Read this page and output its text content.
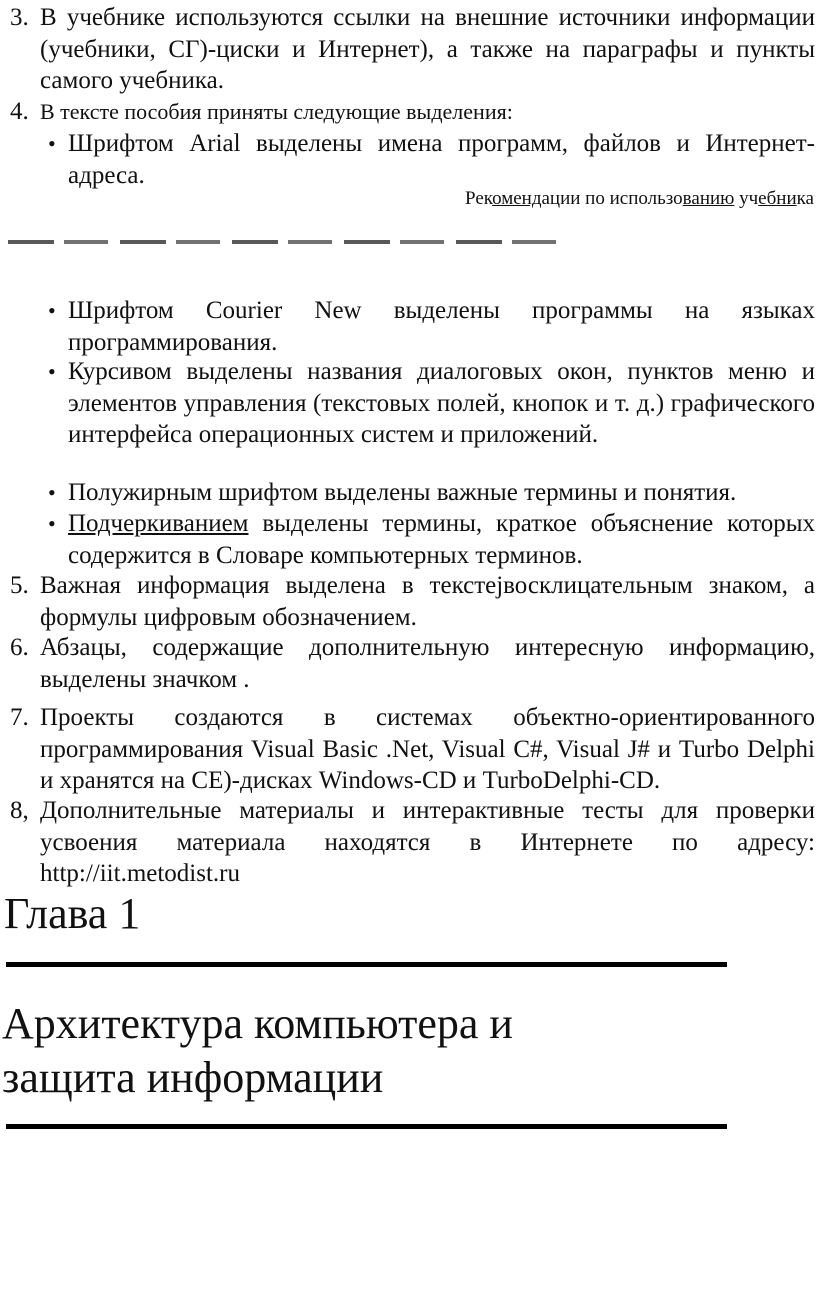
3. В учебнике используются ссылки на внешние источники информации (учебники, СГ)-циски и Интернет), а также на параграфы и пункты самого учебника.
4. В тексте пособия приняты следующие выделения:
• Шрифтом Arial выделены имена программ, файлов и Интернет-адреса.
Рекомендации по использованию учебника
• Шрифтом Courier New выделены программы на языках программирования.
• Курсивом выделены названия диалоговых окон, пунктов меню и элементов управления (текстовых полей, кнопок и т. д.) графического интерфейса операционных систем и приложений.
• Полужирным шрифтом выделены важные термины и понятия.
• Подчеркиванием выделены термины, краткое объяснение которых содержится в Словаре компьютерных терминов.
5. Важная информация выделена в текстеjвосклицательным знаком, а формулы цифровым обозначением.
6. Абзацы, содержащие дополнительную интересную информацию, выделены значком .
7. Проекты создаются в системах объектно-ориентированного программирования Visual Basic .Net, Visual C#, Visual J# и Turbo Delphi и хранятся на СЕ)-дисках Windows-CD и TurboDelphi-CD.
8, Дополнительные материалы и интерактивные тесты для проверки усвоения материала находятся в Интернете по адресу: http://iit.metodist.ru
Глава 1
Архитектура компьютера и
защита информации
